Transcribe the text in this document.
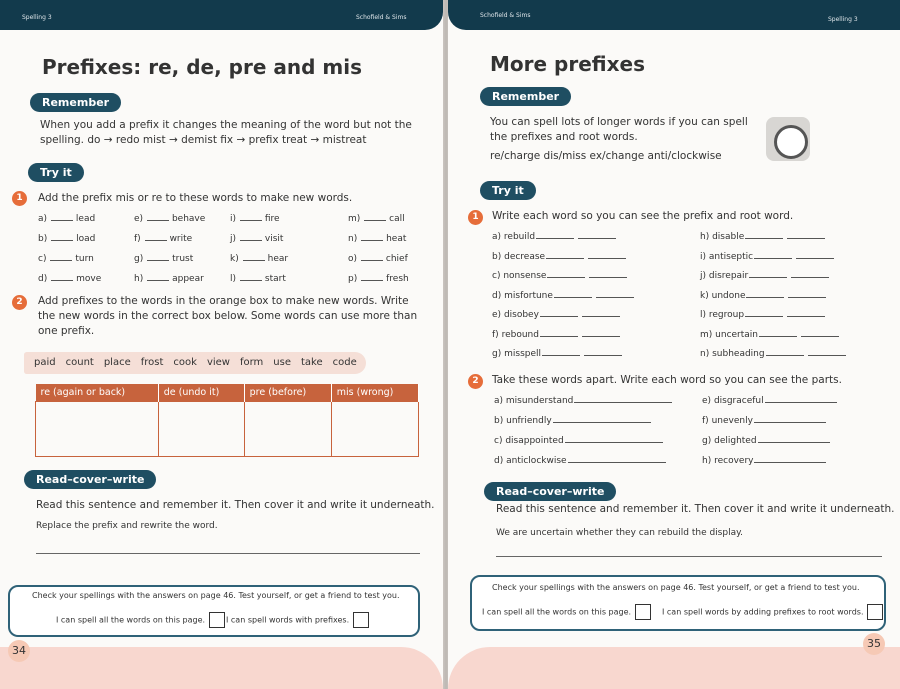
Spelling 3	Schofield & Sims
Prefixes: re, de, pre and mis
Remember
When you add a prefix it changes the meaning of the word but not the
spelling. do → redo mist → demist fix → prefix treat → mistreat
Try it
1	Add the prefix mis or re to these words to make new words.
a)	lead	e)	behave	i)	fire	m)	call
b)	load	f)	write	j)	visit	n)	heat
c)	turn	g)	trust	k)	hear	o)	chief
d)	move	h)	appear	l)	start	p)	fresh
2	Add prefixes to the words in the orange box to make new words. Write
the new words in the correct box below. Some words can use more than
one prefix.
paid count place frost cook view form use take code
re (again or back)	de (undo it)	pre (before)	mis (wrong)

Read–cover–write
Read this sentence and remember it. Then cover it and write it underneath.
Replace the prefix and rewrite the word.
Check your spellings with the answers on page 46. Test yourself, or get a friend to test you.
I can spell all the words on this page.	I can spell words with prefixes.
34
Schofield & Sims
Spelling 3
More prefixes
Remember
You can spell lots of longer words if you can spell
the prefixes and root words.
re/charge dis/miss ex/change anti/clockwise
Try it
1	Write each word so you can see the prefix and root word.
a) rebuild	h) disable
b) decrease	i) antiseptic
c) nonsense	j) disrepair
d) misfortune	k) undone
e) disobey	l) regroup
f) rebound	m) uncertain
g) misspell	n) subheading
2	Take these words apart. Write each word so you can see the parts.
a) misunderstand	e) disgraceful
b) unfriendly	f) unevenly
c) disappointed	g) delighted
d) anticlockwise	h) recovery
Read–cover–write
Read this sentence and remember it. Then cover it and write it underneath.
We are uncertain whether they can rebuild the display.
Check your spellings with the answers on page 46. Test yourself, or get a friend to test you.
I can spell all the words on this page.	I can spell words by adding prefixes to root words.
35
